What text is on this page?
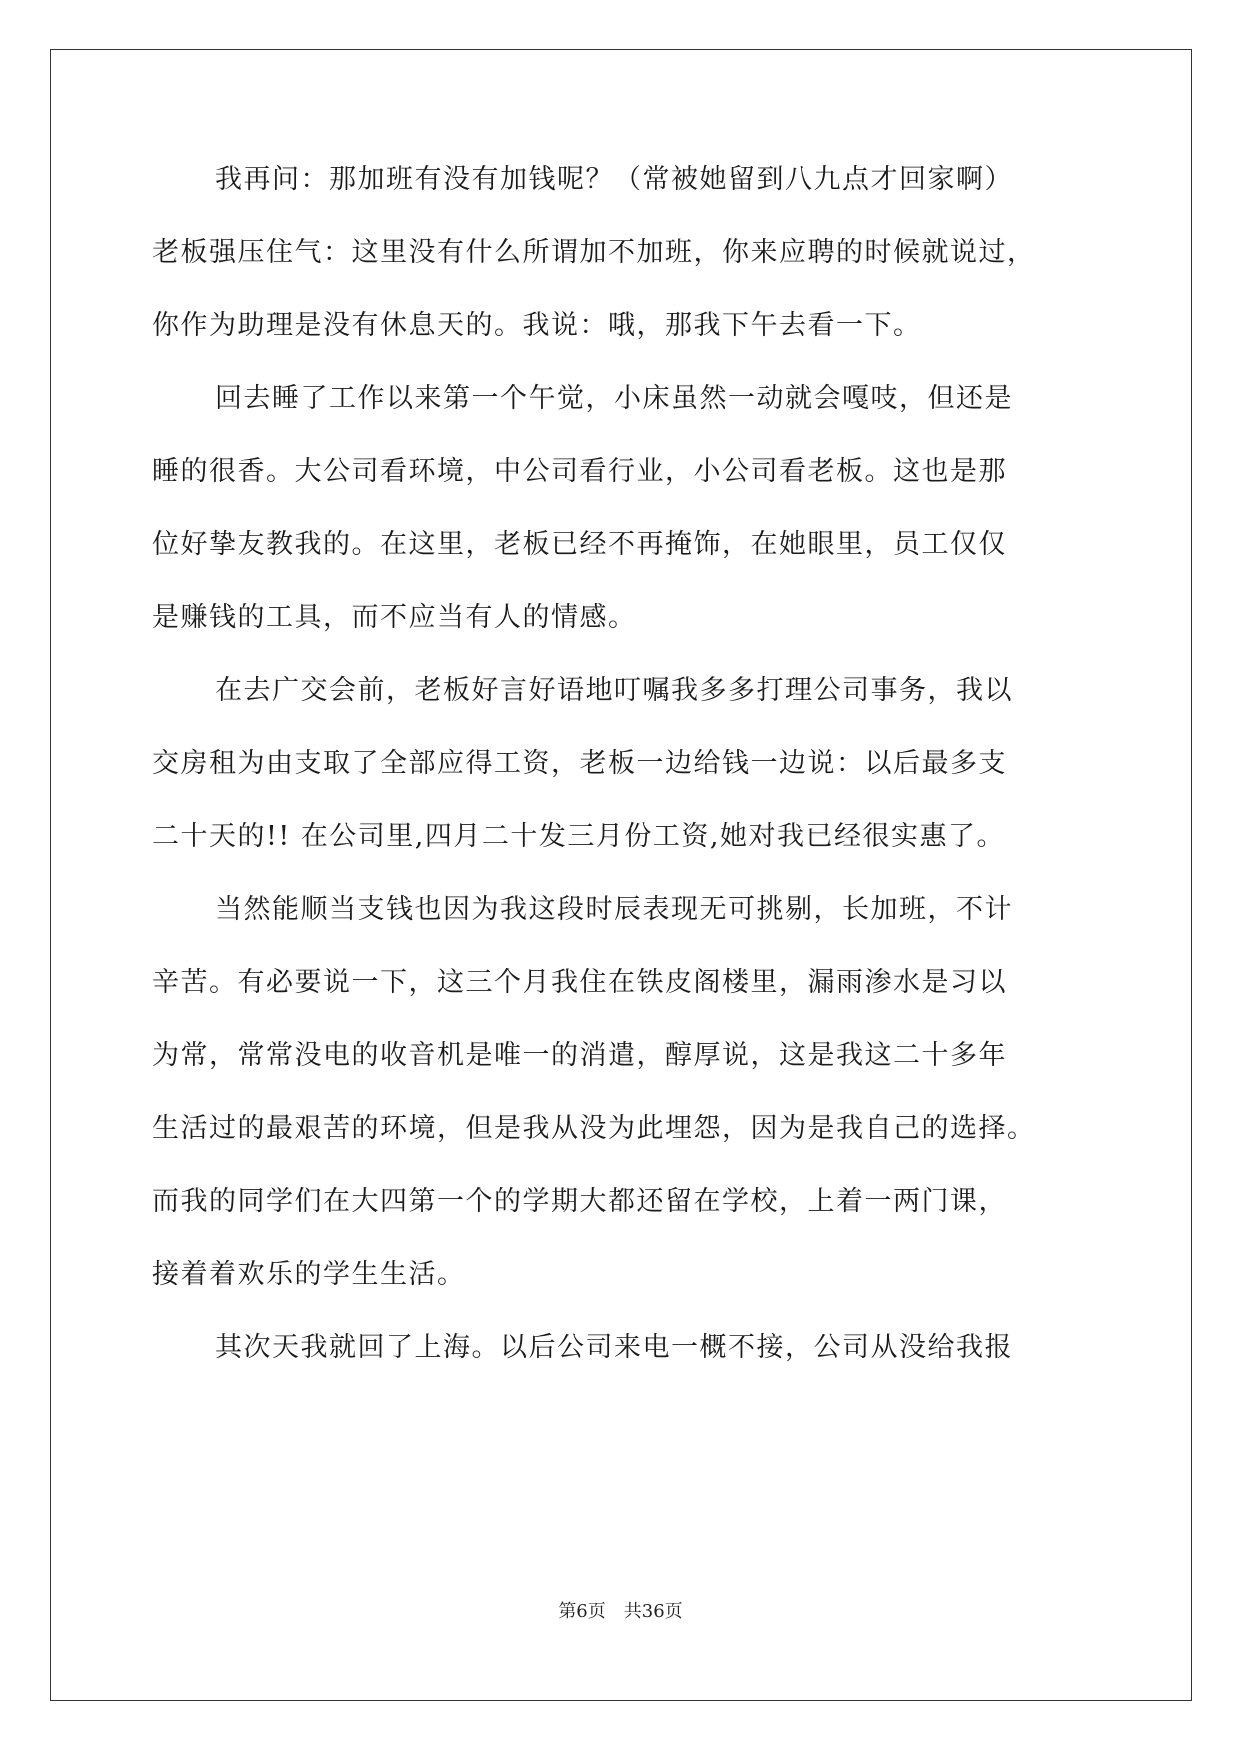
我再问：那加班有没有加钱呢？（常被她留到八九点才回家啊）
老板强压住气：这里没有什么所谓加不加班，你来应聘的时候就说过，
你作为助理是没有休息天的。我说：哦，那我下午去看一下。
回去睡了工作以来第一个午觉，小床虽然一动就会嘎吱，但还是
睡的很香。大公司看环境，中公司看行业，小公司看老板。这也是那
位好挚友教我的。在这里，老板已经不再掩饰，在她眼里，员工仅仅
是赚钱的工具，而不应当有人的情感。
在去广交会前，老板好言好语地叮嘱我多多打理公司事务，我以
交房租为由支取了全部应得工资，老板一边给钱一边说：以后最多支
二十天的!! 在公司里,四月二十发三月份工资,她对我已经很实惠了。
当然能顺当支钱也因为我这段时辰表现无可挑剔，长加班，不计
辛苦。有必要说一下，这三个月我住在铁皮阁楼里，漏雨渗水是习以
为常，常常没电的收音机是唯一的消遣，醇厚说，这是我这二十多年
生活过的最艰苦的环境，但是我从没为此埋怨，因为是我自己的选择。
而我的同学们在大四第一个的学期大都还留在学校，上着一两门课，
接着着欢乐的学生生活。
其次天我就回了上海。以后公司来电一概不接，公司从没给我报
第6页 共36页
